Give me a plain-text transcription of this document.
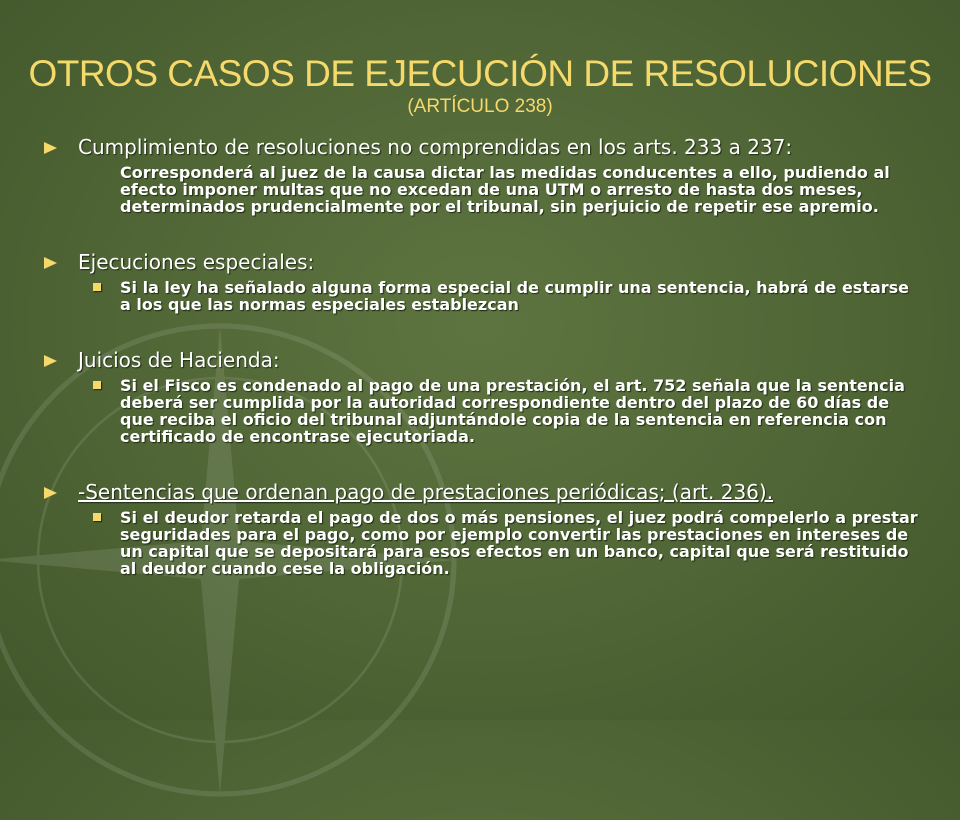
OTROS CASOS DE EJECUCIÓN DE RESOLUCIONES
(ARTÍCULO 238)
Cumplimiento de resoluciones no comprendidas en los arts. 233 a 237:
Corresponderá al juez de la causa dictar las medidas conducentes a ello, pudiendo al efecto imponer multas que no excedan de una UTM o arresto de hasta dos meses, determinados prudencialmente por el tribunal, sin perjuicio de repetir ese apremio.
Ejecuciones especiales:
Si la ley ha señalado alguna forma especial de cumplir una sentencia, habrá de estarse a los que las normas especiales establezcan
Juicios de Hacienda:
Si el Fisco es condenado al pago de una prestación, el art. 752 señala que la sentencia deberá ser cumplida por la autoridad correspondiente dentro del plazo de 60 días de que reciba el oficio del tribunal adjuntándole copia de la sentencia en referencia con certificado de encontrase ejecutoriada.
-Sentencias que ordenan pago de prestaciones periódicas; (art. 236).
Si el deudor retarda el pago de dos o más pensiones, el juez podrá compelerlo a prestar seguridades para el pago, como por ejemplo convertir las prestaciones en intereses de un capital que se depositará para esos efectos en un banco, capital que será restituido al deudor cuando cese la obligación.
